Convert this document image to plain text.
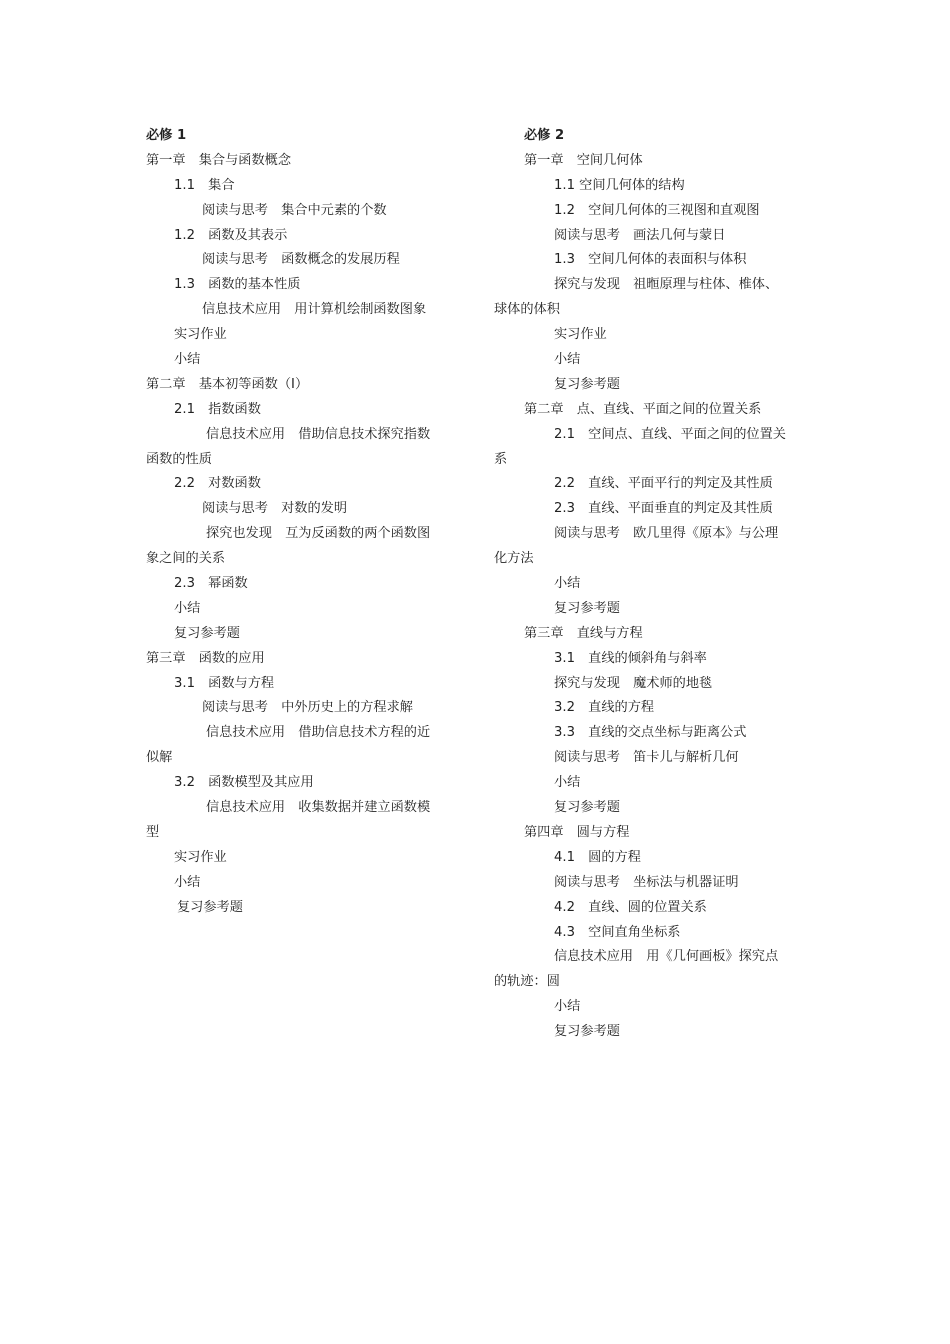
必修 1
第一章　集合与函数概念
1.1　集合
阅读与思考　集合中元素的个数
1.2　函数及其表示
阅读与思考　函数概念的发展历程
1.3　函数的基本性质
信息技术应用　用计算机绘制函数图象
实习作业
小结
第二章　基本初等函数（Ⅰ）
2.1　指数函数
信息技术应用　借助信息技术探究指数
函数的性质
2.2　对数函数
阅读与思考　对数的发明
探究也发现　互为反函数的两个函数图
象之间的关系
2.3　幂函数
小结
复习参考题
第三章　函数的应用
3.1　函数与方程
阅读与思考　中外历史上的方程求解
信息技术应用　借助信息技术方程的近
似解
3.2　函数模型及其应用
信息技术应用　收集数据并建立函数模
型
实习作业
小结
复习参考题
必修 2
第一章　空间几何体
1.1 空间几何体的结构
1.2　空间几何体的三视图和直观图
阅读与思考　画法几何与蒙日
1.3　空间几何体的表面积与体积
探究与发现　祖暅原理与柱体、椎体、
球体的体积
实习作业
小结
复习参考题
第二章　点、直线、平面之间的位置关系
2.1　空间点、直线、平面之间的位置关
系
2.2　直线、平面平行的判定及其性质
2.3　直线、平面垂直的判定及其性质
阅读与思考　欧几里得《原本》与公理
化方法
小结
复习参考题
第三章　直线与方程
3.1　直线的倾斜角与斜率
探究与发现　魔术师的地毯
3.2　直线的方程
3.3　直线的交点坐标与距离公式
阅读与思考　笛卡儿与解析几何
小结
复习参考题
第四章　圆与方程
4.1　圆的方程
阅读与思考　坐标法与机器证明
4.2　直线、圆的位置关系
4.3　空间直角坐标系
信息技术应用　用《几何画板》探究点
的轨迹：圆
小结
复习参考题
